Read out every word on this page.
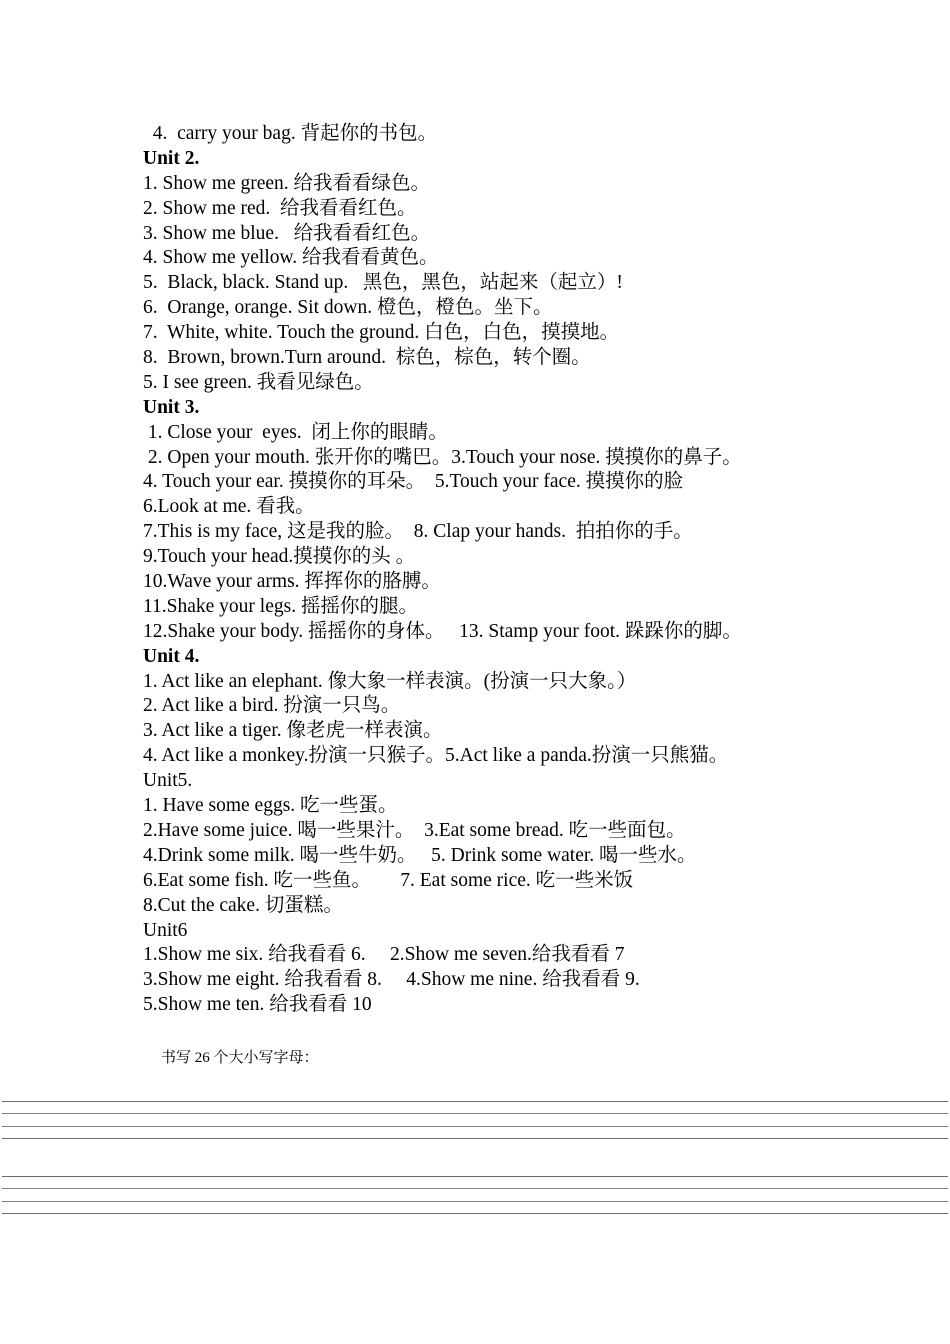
4.  carry your bag. 背起你的书包。
Unit 2.
1. Show me green. 给我看看绿色。
2. Show me red.  给我看看红色。
3. Show me blue.   给我看看红色。
4. Show me yellow. 给我看看黄色。
5.  Black, black. Stand up.   黑色，黑色，站起来（起立）!
6.  Orange, orange. Sit down. 橙色，橙色。坐下。
7.  White, white. Touch the ground. 白色，白色，摸摸地。
8.  Brown, brown.Turn around.  棕色，棕色，转个圈。
5. I see green. 我看见绿色。
Unit 3.
1. Close your  eyes.  闭上你的眼睛。
2. Open your mouth. 张开你的嘴巴。3.Touch your nose. 摸摸你的鼻子。
4. Touch your ear. 摸摸你的耳朵。  5.Touch your face. 摸摸你的脸
6.Look at me. 看我。
7.This is my face, 这是我的脸。  8. Clap your hands.  拍拍你的手。
9.Touch your head.摸摸你的头 。
10.Wave your arms. 挥挥你的胳膊。
11.Shake your legs. 摇摇你的腿。
12.Shake your body. 摇摇你的身体。   13. Stamp your foot. 跺跺你的脚。
Unit 4.
1. Act like an elephant. 像大象一样表演。(扮演一只大象。）
2. Act like a bird. 扮演一只鸟。
3. Act like a tiger. 像老虎一样表演。
4. Act like a monkey.扮演一只猴子。5.Act like a panda.扮演一只熊猫。
Unit5.
1. Have some eggs. 吃一些蛋。
2.Have some juice. 喝一些果汁。  3.Eat some bread. 吃一些面包。
4.Drink some milk. 喝一些牛奶。   5. Drink some water. 喝一些水。
6.Eat some fish. 吃一些鱼。      7. Eat some rice. 吃一些米饭
8.Cut the cake. 切蛋糕。
Unit6
1.Show me six. 给我看看 6.     2.Show me seven.给我看看 7
3.Show me eight. 给我看看 8.     4.Show me nine. 给我看看 9.
5.Show me ten. 给我看看 10
书写 26 个大小写字母：
